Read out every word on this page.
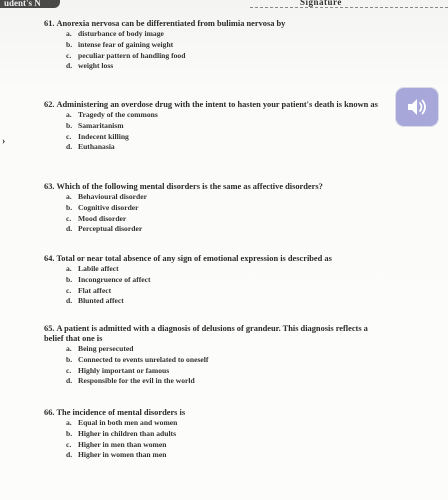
udent's N	Signature
›

61. Anorexia nervosa can be differentiated from bulimia nervosa by

a. disturbance of body image
b. intense fear of gaining weight
c. peculiar pattern of handling food
d. weight loss

62. Administering an overdose drug with the intent to hasten your patient's death is known as

a. Tragedy of the commons
b. Samaritanism
c. Indecent killing
d. Euthanasia

63. Which of the following mental disorders is the same as affective disorders?

a. Behavioural disorder
b. Cognitive disorder
c. Mood disorder
d. Perceptual disorder

64. Total or near total absence of any sign of emotional expression is described as

a. Labile affect
b. Incongruence of affect
c. Flat affect
d. Blunted affect

65. A patient is admitted with a diagnosis of delusions of grandeur. This diagnosis reflects a belief that one is

a. Being persecuted
b. Connected to events unrelated to oneself
c. Highly important or famous
d. Responsible for the evil in the world

66. The incidence of mental disorders is

a. Equal in both men and women
b. Higher in children than adults
c. Higher in men than women
d. Higher in women than men
